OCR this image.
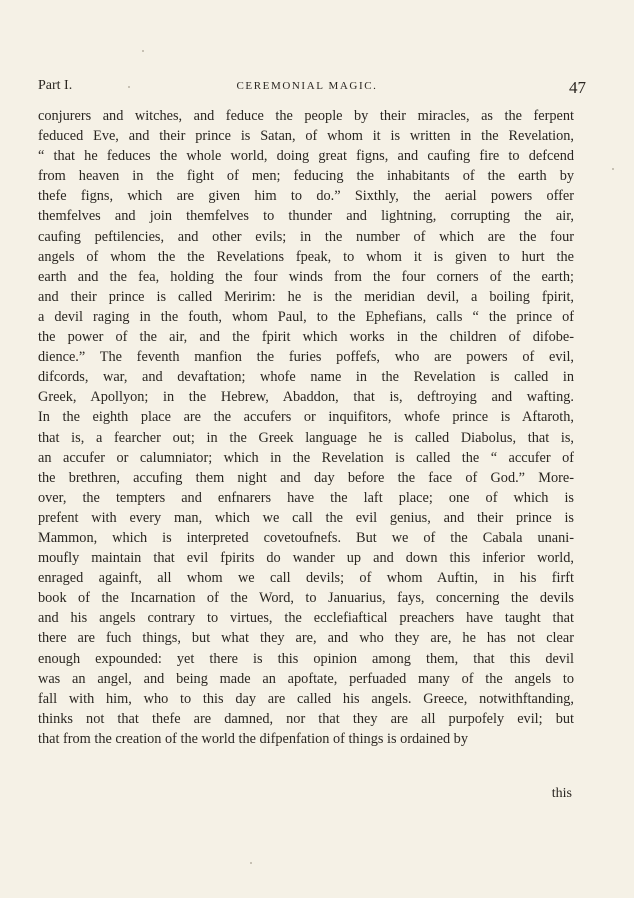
Part I.	CEREMONIAL MAGIC.	47
conjurers and witches, and feduce the people by their miracles, as the ferpent
feduced Eve, and their prince is Satan, of whom it is written in the Revelation,
“ that he feduces the whole world, doing great figns, and caufing fire to defcend
from heaven in the fight of men; feducing the inhabitants of the earth by
thefe figns, which are given him to do.” Sixthly, the aerial powers offer
themfelves and join themfelves to thunder and lightning, corrupting the air,
caufing peftilencies, and other evils; in the number of which are the four
angels of whom the the Revelations fpeak, to whom it is given to hurt the
earth and the fea, holding the four winds from the four corners of the earth;
and their prince is called Meririm: he is the meridian devil, a boiling fpirit,
a devil raging in the fouth, whom Paul, to the Ephefians, calls “ the prince of
the power of the air, and the fpirit which works in the children of difobe-
dience.” The feventh manfion the furies poffefs, who are powers of evil,
difcords, war, and devaftation; whofe name in the Revelation is called in
Greek, Apollyon; in the Hebrew, Abaddon, that is, deftroying and wafting.
In the eighth place are the accufers or inquifitors, whofe prince is Aftaroth,
that is, a fearcher out; in the Greek language he is called Diabolus, that is,
an accufer or calumniator; which in the Revelation is called the “ accufer of
the brethren, accufing them night and day before the face of God.” More-
over, the tempters and enfnarers have the laft place; one of which is
prefent with every man, which we call the evil genius, and their prince is
Mammon, which is interpreted covetoufnefs. But we of the Cabala unani-
moufly maintain that evil fpirits do wander up and down this inferior world,
enraged againft, all whom we call devils; of whom Auftin, in his firft
book of the Incarnation of the Word, to Januarius, fays, concerning the devils
and his angels contrary to virtues, the ecclefiaftical preachers have taught that
there are fuch things, but what they are, and who they are, he has not clear
enough expounded: yet there is this opinion among them, that this devil
was an angel, and being made an apoftate, perfuaded many of the angels to
fall with him, who to this day are called his angels. Greece, notwithftanding,
thinks not that thefe are damned, nor that they are all purpofely evil; but
that from the creation of the world the difpenfation of things is ordained by
this
